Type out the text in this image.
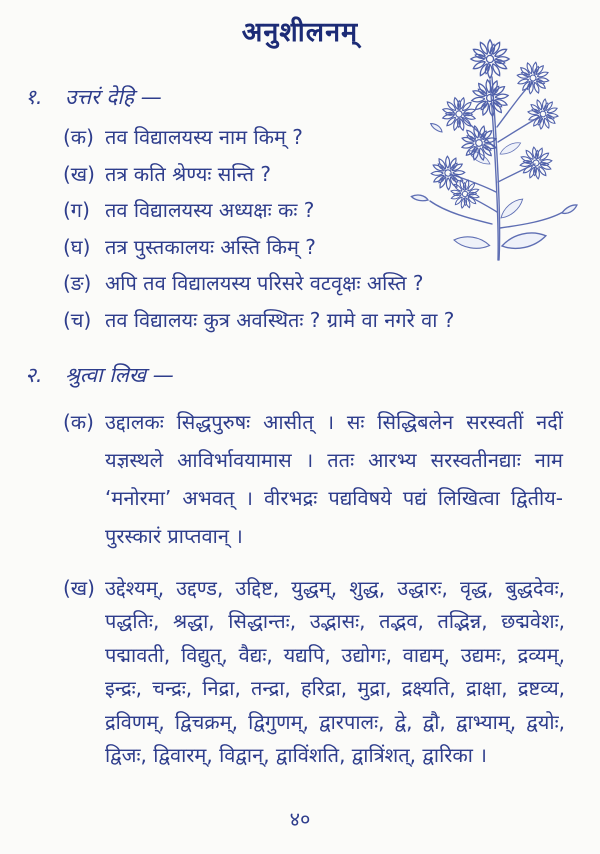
अनुशीलनम्
१.	उत्तरं देहि —
(क) तव विद्यालयस्य नाम किम् ?
(ख) तत्र कति श्रेण्यः सन्ति ?
(ग) तव विद्यालयस्य अध्यक्षः कः ?
(घ) तत्र पुस्तकालयः अस्ति किम् ?
(ङ) अपि तव विद्यालयस्य परिसरे वटवृक्षः अस्ति ?
(च) तव विद्यालयः कुत्र अवस्थितः ? ग्रामे वा नगरे वा ?
२.	श्रुत्वा लिख —
(क) उद्दालकः सिद्धपुरुषः आसीत् । सः सिद्धिबलेन सरस्वतीं नदीं यज्ञस्थले आविर्भावयामास । ततः आरभ्य सरस्वतीनद्याः नाम ‘मनोरमा’ अभवत् । वीरभद्रः पद्यविषये पद्यं लिखित्वा द्वितीय-पुरस्कारं प्राप्तवान् ।
(ख) उद्देश्यम्, उद्दण्ड, उद्दिष्ट, युद्धम्, शुद्ध, उद्धारः, वृद्ध, बुद्धदेवः, पद्धतिः, श्रद्धा, सिद्धान्तः, उद्भासः, तद्भव, तद्भिन्न, छद्मवेशः, पद्मावती, विद्युत्, वैद्यः, यद्यपि, उद्योगः, वाद्यम्, उद्यमः, द्रव्यम्, इन्द्रः, चन्द्रः, निद्रा, तन्द्रा, हरिद्रा, मुद्रा, द्रक्ष्यति, द्राक्षा, द्रष्टव्य, द्रविणम्, द्विचक्रम्, द्विगुणम्, द्वारपालः, द्वे, द्वौ, द्वाभ्याम्, द्वयोः, द्विजः, द्विवारम्, विद्वान्, द्वाविंशति, द्वात्रिंशत्, द्वारिका ।
४०
